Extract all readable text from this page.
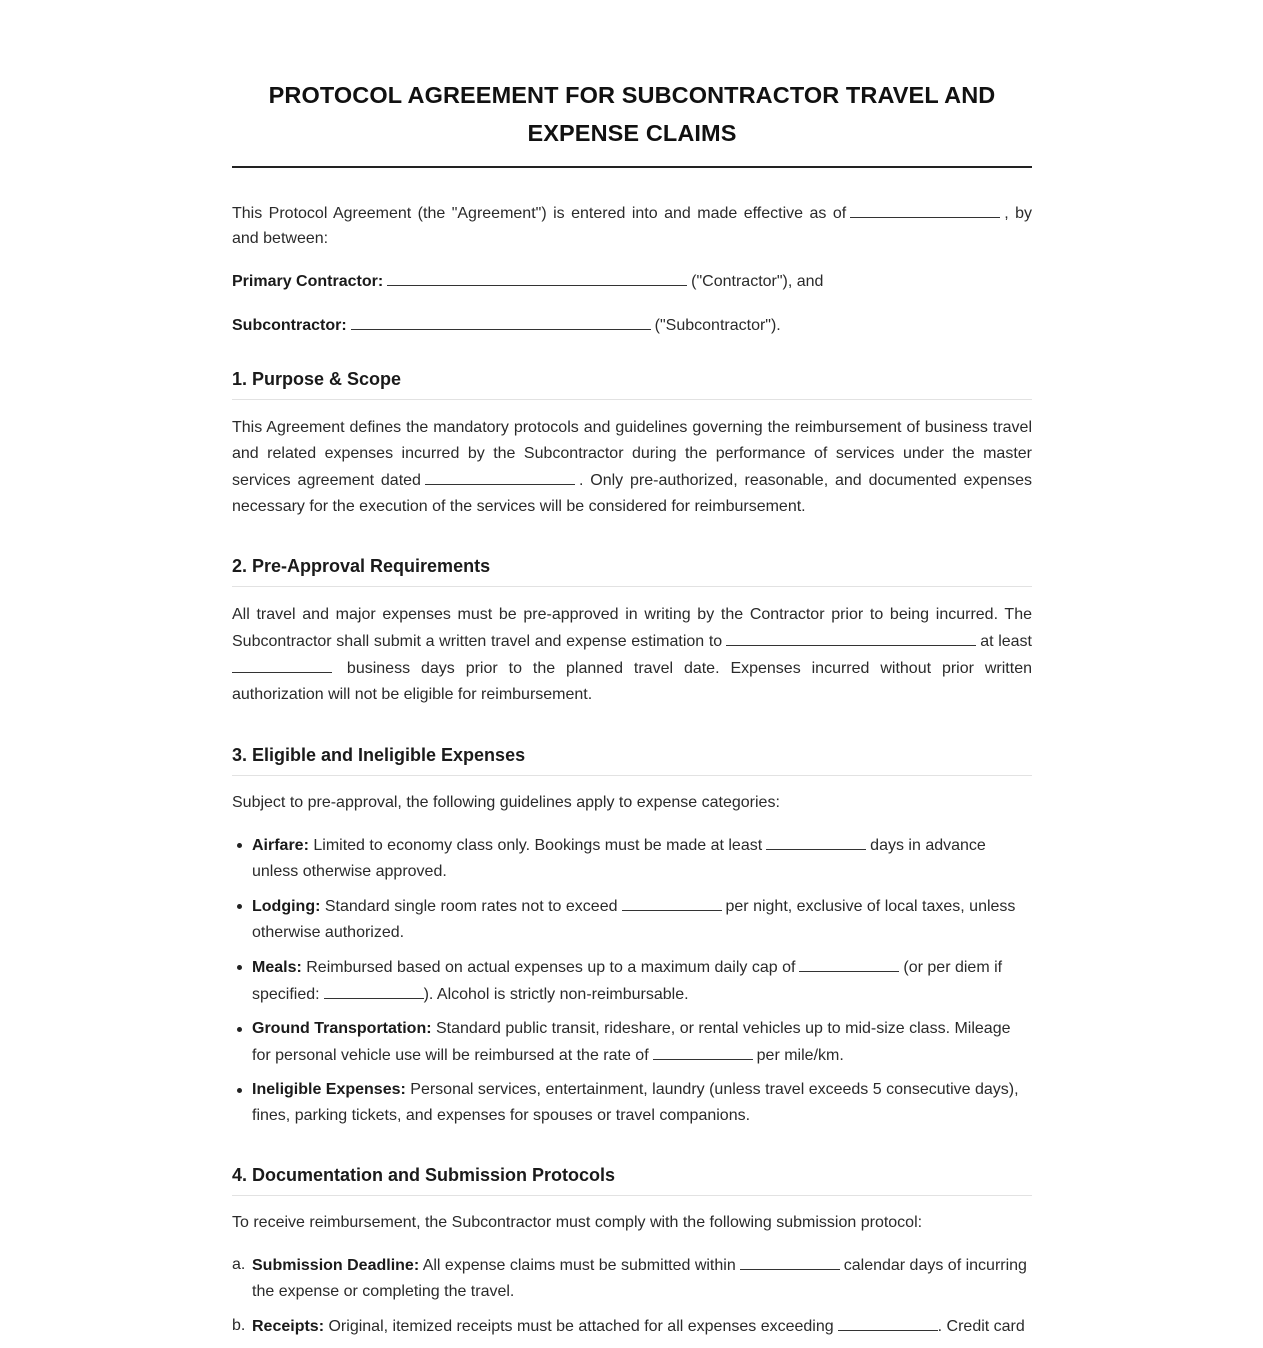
PROTOCOL AGREEMENT FOR SUBCONTRACTOR TRAVEL AND EXPENSE CLAIMS

This Protocol Agreement (the "Agreement") is entered into and made effective as of	, by and between:

Primary Contractor:	("Contractor"), and

Subcontractor:	("Subcontractor").

1. Purpose & Scope

This Agreement defines the mandatory protocols and guidelines governing the reimbursement of business travel and related expenses incurred by the Subcontractor during the performance of services under the master services agreement dated	. Only pre-authorized, reasonable, and documented expenses necessary for the execution of the services will be considered for reimbursement.

2. Pre-Approval Requirements

All travel and major expenses must be pre-approved in writing by the Contractor prior to being incurred. The Subcontractor shall submit a written travel and expense estimation to	at least  business days prior to the planned travel date. Expenses incurred without prior written authorization will not be eligible for reimbursement.

3. Eligible and Ineligible Expenses

Subject to pre-approval, the following guidelines apply to expense categories:

Airfare: Limited to economy class only. Bookings must be made at least	days in advance unless otherwise approved.
Lodging: Standard single room rates not to exceed	per night, exclusive of local taxes, unless otherwise authorized.
Meals: Reimbursed based on actual expenses up to a maximum daily cap of	(or per diem if specified:	). Alcohol is strictly non-reimbursable.
Ground Transportation: Standard public transit, rideshare, or rental vehicles up to mid-size class. Mileage for personal vehicle use will be reimbursed at the rate of	per mile/km.
Ineligible Expenses: Personal services, entertainment, laundry (unless travel exceeds 5 consecutive days), fines, parking tickets, and expenses for spouses or travel companions.
4. Documentation and Submission Protocols

To receive reimbursement, the Subcontractor must comply with the following submission protocol:

a. Submission Deadline: All expense claims must be submitted within	calendar days of incurring the expense or completing the travel.
b. Receipts: Original, itemized receipts must be attached for all expenses exceeding	. Credit card
